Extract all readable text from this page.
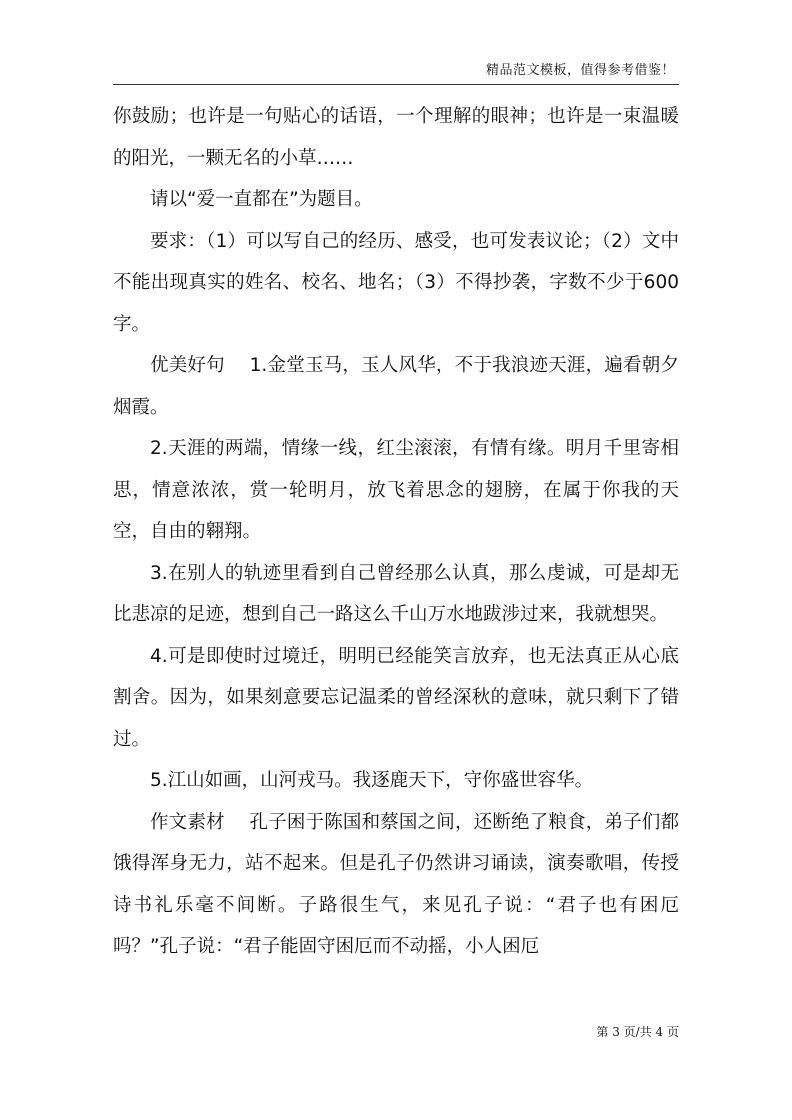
精品范文模板，值得参考借鉴！

你鼓励；也许是一句贴心的话语，一个理解的眼神；也许是一束温暖的阳光，一颗无名的小草……

请以“爱一直都在”为题目。

要求：（1）可以写自己的经历、感受，也可发表议论；（2）文中不能出现真实的姓名、校名、地名；（3）不得抄袭，字数不少于600字。

优美好句　 1.金堂玉马，玉人风华，不于我浪迹天涯，遍看朝夕烟霞。

2.天涯的两端，情缘一线，红尘滚滚，有情有缘。明月千里寄相思，情意浓浓，赏一轮明月，放飞着思念的翅膀，在属于你我的天空，自由的翱翔。

3.在别人的轨迹里看到自己曾经那么认真，那么虔诚，可是却无比悲凉的足迹，想到自己一路这么千山万水地跋涉过来，我就想哭。

4.可是即使时过境迁，明明已经能笑言放弃，也无法真正从心底割舍。因为，如果刻意要忘记温柔的曾经深秋的意味，就只剩下了错过。

5.江山如画，山河戎马。我逐鹿天下，守你盛世容华。

作文素材　 孔子困于陈国和蔡国之间，还断绝了粮食，弟子们都饿得浑身无力，站不起来。但是孔子仍然讲习诵读，演奏歌唱，传授诗书礼乐毫不间断。子路很生气，来见孔子说：“君子也有困厄吗？”孔子说：“君子能固守困厄而不动摇，小人困厄

第 3 页/共 4 页
